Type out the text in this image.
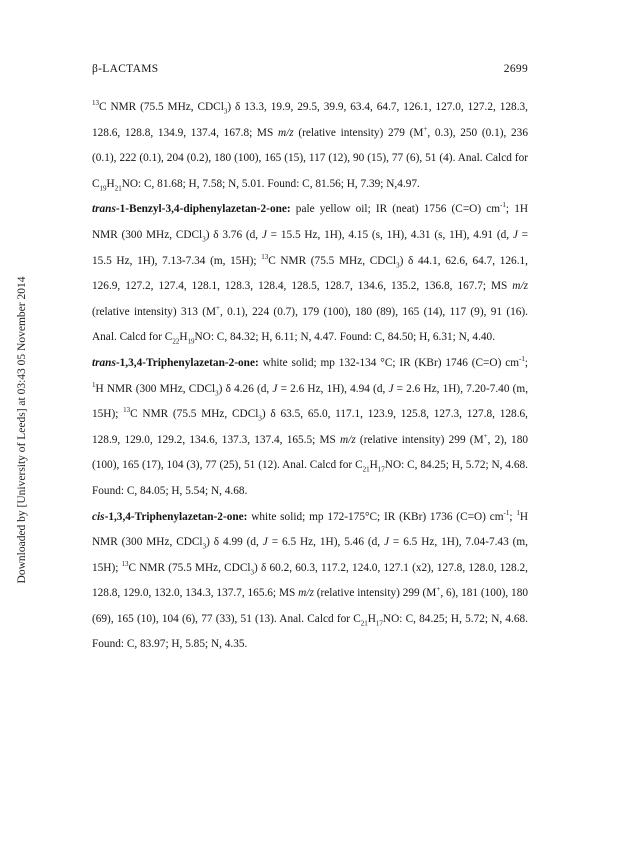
β-LACTAMS	2699
Downloaded by [University of Leeds] at 03:43 05 November 2014

$^{13}$C NMR (75.5 MHz, CDCl$_3$) δ 13.3, 19.9, 29.5, 39.9, 63.4, 64.7, 126.1, 127.0, 127.2, 128.3, 128.6, 128.8, 134.9, 137.4, 167.8; MS m/z (relative intensity) 279 (M+, 0.3), 250 (0.1), 236 (0.1), 222 (0.1), 204 (0.2), 180 (100), 165 (15), 117 (12), 90 (15), 77 (6), 51 (4). Anal. Calcd for $C_{19}H_{21}NO$: C, 81.68; H, 7.58; N, 5.01. Found: C, 81.56; H, 7.39; N,4.97.

trans-1-Benzyl-3,4-diphenylazetan-2-one: pale yellow oil; IR (neat) 1756 (C=O) $cm^{-1}$; 1H NMR (300 MHz, CDCl$_3$) δ 3.76 (d, J = 15.5 Hz, 1H), 4.15 (s, 1H), 4.31 (s, 1H), 4.91 (d, J = 15.5 Hz, 1H), 7.13-7.34 (m, 15H); $^{13}$C NMR (75.5 MHz, CDCl$_3$) δ 44.1, 62.6, 64.7, 126.1, 126.9, 127.2, 127.4, 128.1, 128.3, 128.4, 128.5, 128.7, 134.6, 135.2, 136.8, 167.7; MS m/z (relative intensity) 313 (M+, 0.1), 224 (0.7), 179 (100), 180 (89), 165 (14), 117 (9), 91 (16). Anal. Calcd for $C_{22}H_{19}NO$: C, 84.32; H, 6.11; N, 4.47. Found: C, 84.50; H, 6.31; N, 4.40.

trans-1,3,4-Triphenylazetan-2-one: white solid; mp 132-134 °C; IR (KBr) 1746 (C=O) $cm^{-1}$; $^1$H NMR (300 MHz, CDCl$_3$) δ 4.26 (d, J = 2.6 Hz, 1H), 4.94 (d, J = 2.6 Hz, 1H), 7.20-7.40 (m, 15H); $^{13}$C NMR (75.5 MHz, CDCl$_3$) δ 63.5, 65.0, 117.1, 123.9, 125.8, 127.3, 127.8, 128.6, 128.9, 129.0, 129.2, 134.6, 137.3, 137.4, 165.5; MS m/z (relative intensity) 299 (M+, 2), 180 (100), 165 (17), 104 (3), 77 (25), 51 (12). Anal. Calcd for $C_{21}H_{17}NO$: C, 84.25; H, 5.72; N, 4.68. Found: C, 84.05; H, 5.54; N, 4.68.

cis-1,3,4-Triphenylazetan-2-one: white solid; mp 172-175°C; IR (KBr) 1736 (C=O) $cm^{-1}$; $^1$H NMR (300 MHz, CDCl$_3$) δ 4.99 (d, J = 6.5 Hz, 1H), 5.46 (d, J = 6.5 Hz, 1H), 7.04-7.43 (m, 15H); $^{13}$C NMR (75.5 MHz, CDCl$_3$) δ 60.2, 60.3, 117.2, 124.0, 127.1 (x2), 127.8, 128.0, 128.2, 128.8, 129.0, 132.0, 134.3, 137.7, 165.6; MS m/z (relative intensity) 299 (M+, 6), 181 (100), 180 (69), 165 (10), 104 (6), 77 (33), 51 (13). Anal. Calcd for $C_{21}H_{17}NO$: C, 84.25; H, 5.72; N, 4.68. Found: C, 83.97; H, 5.85; N, 4.35.
